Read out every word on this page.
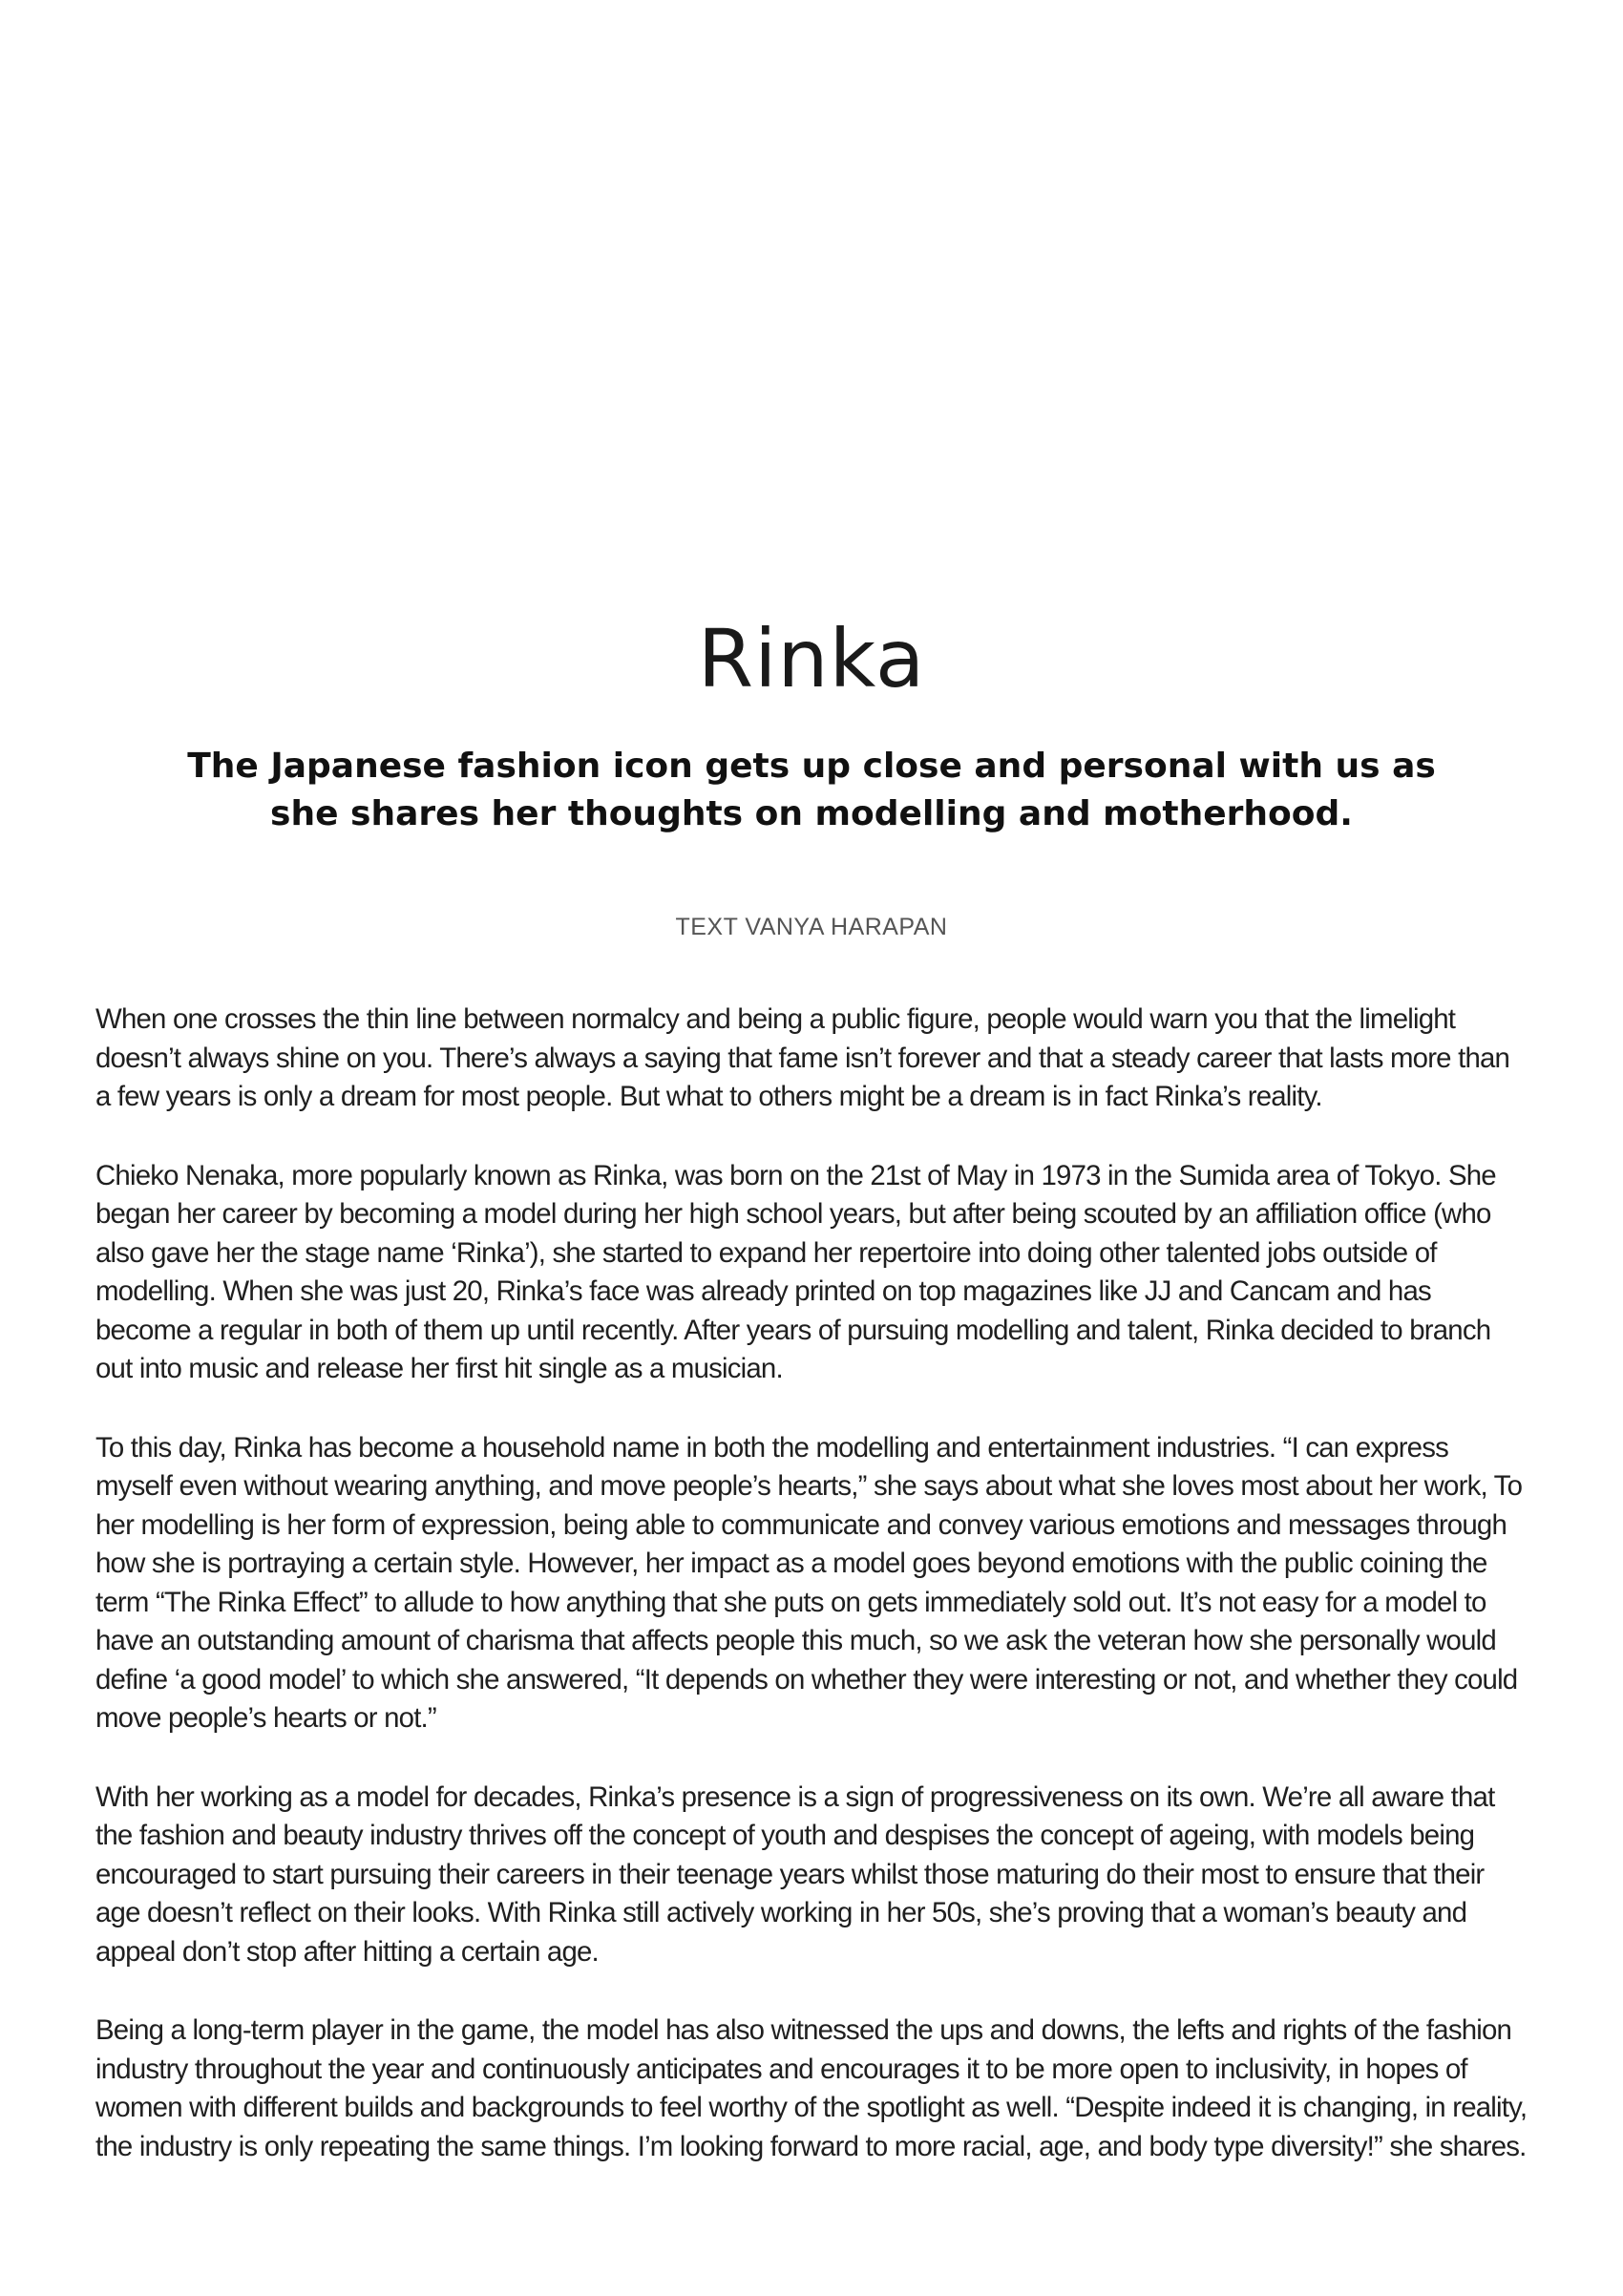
Rinka
The Japanese fashion icon gets up close and personal with us as she shares her thoughts on modelling and motherhood.
TEXT VANYA HARAPAN

When one crosses the thin line between normalcy and being a public figure, people would warn you that the limelight doesn’t always shine on you. There’s always a saying that fame isn’t forever and that a steady career that lasts more than a few years is only a dream for most people. But what to others might be a dream is in fact Rinka’s reality.

Chieko Nenaka, more popularly known as Rinka, was born on the 21st of May in 1973 in the Sumida area of Tokyo. She began her career by becoming a model during her high school years, but after being scouted by an affiliation office (who also gave her the stage name ‘Rinka’), she started to expand her repertoire into doing other talented jobs outside of modelling. When she was just 20, Rinka’s face was already printed on top magazines like JJ and Cancam and has become a regular in both of them up until recently. After years of pursuing modelling and talent, Rinka decided to branch out into music and release her first hit single as a musician.

To this day, Rinka has become a household name in both the modelling and entertainment industries. “I can express myself even without wearing anything, and move people’s hearts,” she says about what she loves most about her work, To her modelling is her form of expression, being able to communicate and convey various emotions and messages through how she is portraying a certain style. However, her impact as a model goes beyond emotions with the public coining the term “The Rinka Effect” to allude to how anything that she puts on gets immediately sold out. It’s not easy for a model to have an outstanding amount of charisma that affects people this much, so we ask the veteran how she personally would define ‘a good model’ to which she answered, “It depends on whether they were interesting or not, and whether they could move people’s hearts or not.”

With her working as a model for decades, Rinka’s presence is a sign of progressiveness on its own. We’re all aware that the fashion and beauty industry thrives off the concept of youth and despises the concept of ageing, with models being encouraged to start pursuing their careers in their teenage years whilst those maturing do their most to ensure that their age doesn’t reflect on their looks. With Rinka still actively working in her 50s, she’s proving that a woman’s beauty and appeal don’t stop after hitting a certain age.

Being a long-term player in the game, the model has also witnessed the ups and downs, the lefts and rights of the fashion industry throughout the year and continuously anticipates and encourages it to be more open to inclusivity, in hopes of women with different builds and backgrounds to feel worthy of the spotlight as well. “Despite indeed it is changing, in reality, the industry is only repeating the same things. I’m looking forward to more racial, age, and body type diversity!” she shares.
